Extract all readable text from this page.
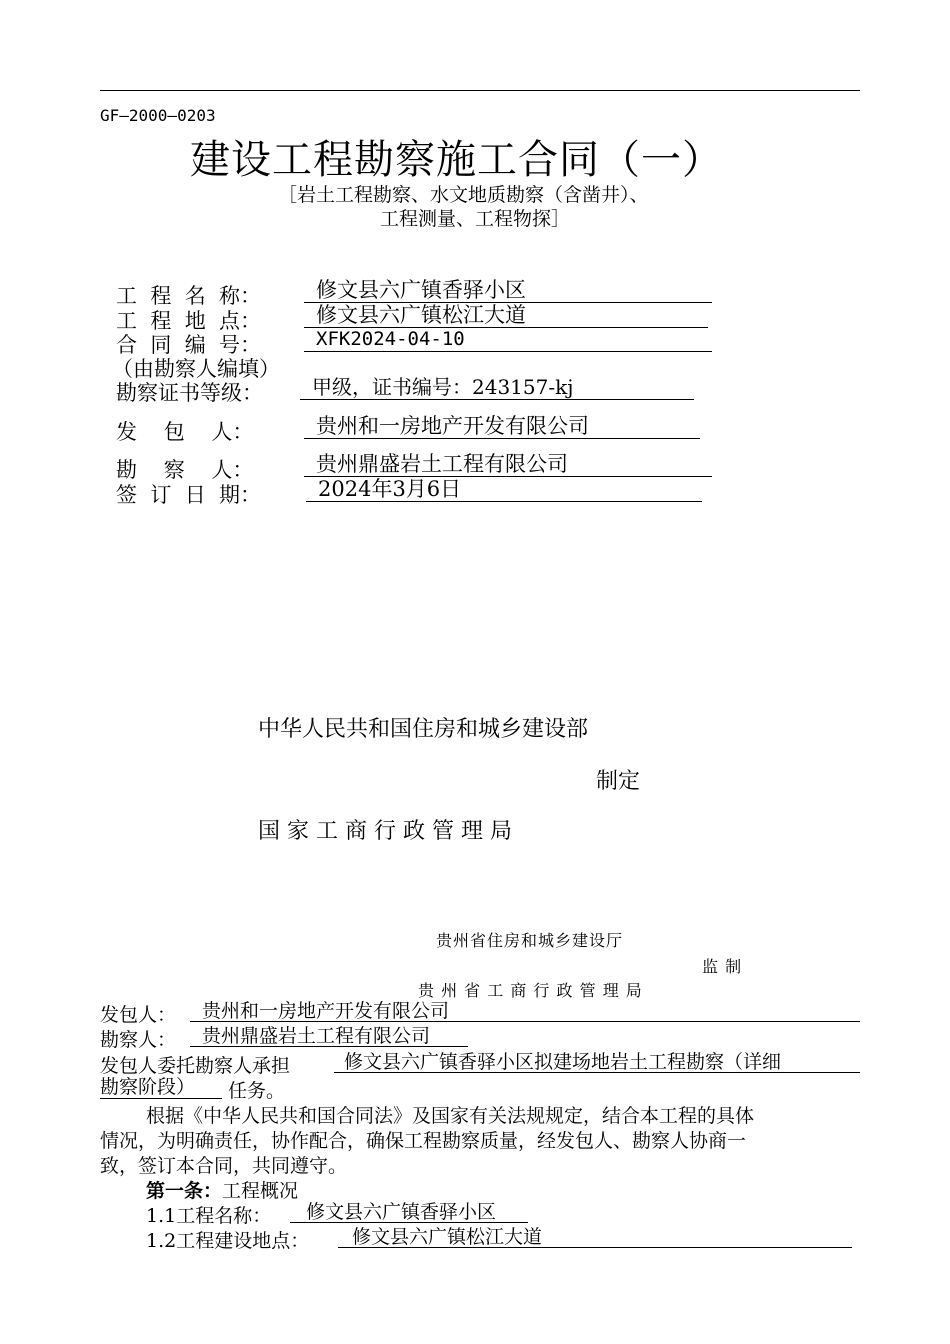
GF—2000—0203
建设工程勘察施工合同（一）
［岩土工程勘察、水文地质勘察（含凿井）、
工程测量、工程物探］
工  程  名  称：	修文县六广镇香驿小区
工  程  地  点：	修文县六广镇松江大道
合  同  编  号：	XFK2024-04-10
（由勘察人编填）
勘察证书等级：	甲级，证书编号：243157-kj
发    包    人：	贵州和一房地产开发有限公司
勘    察    人：	贵州鼎盛岩土工程有限公司
签  订  日  期：	2024年3月6日
中华人民共和国住房和城乡建设部
制定
国 家 工 商 行 政 管 理 局
贵州省住房和城乡建设厅
监 制
贵 州 省 工 商 行 政 管 理 局
发包人：	贵州和一房地产开发有限公司
勘察人：	贵州鼎盛岩土工程有限公司
发包人委托勘察人承担	修文县六广镇香驿小区拟建场地岩土工程勘察（详细
勘察阶段）	任务。
根据《中华人民共和国合同法》及国家有关法规规定，结合本工程的具体
情况，为明确责任，协作配合，确保工程勘察质量，经发包人、勘察人协商一
致，签订本合同，共同遵守。
第一条：工程概况
1.1工程名称：	修文县六广镇香驿小区
1.2工程建设地点：	修文县六广镇松江大道
